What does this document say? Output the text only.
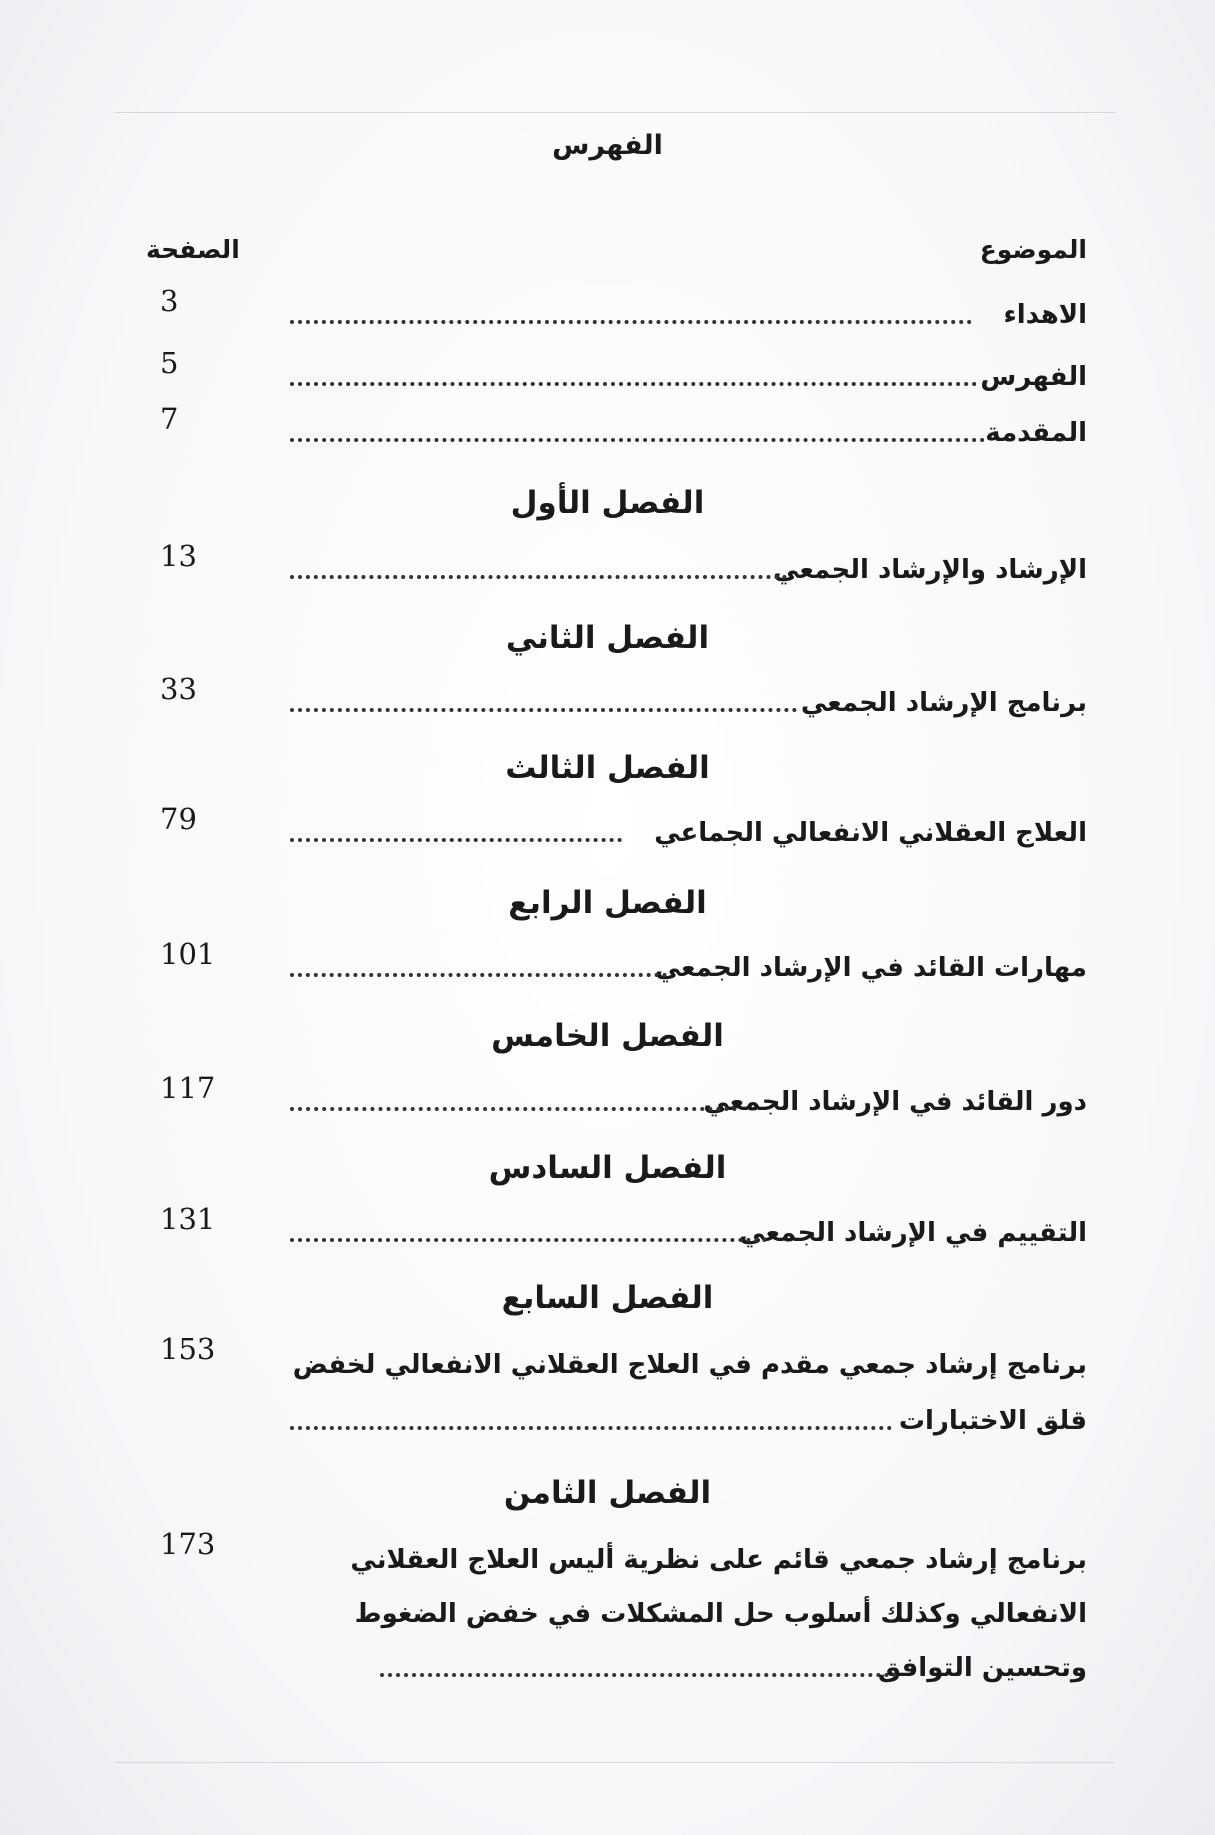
الفهرس
الموضوع
الصفحة
الاهداء
3
الفهرس
5
المقدمة
7
الفصل الأول
الإرشاد والإرشاد الجمعي
13
الفصل الثاني
برنامج الإرشاد الجمعي
33
الفصل الثالث
العلاج العقلاني الانفعالي الجماعي
79
الفصل الرابع
مهارات القائد في الإرشاد الجمعي
101
الفصل الخامس
دور القائد في الإرشاد الجمعي
117
الفصل السادس
التقييم في الإرشاد الجمعي
131
الفصل السابع
برنامج إرشاد جمعي مقدم في العلاج العقلاني الانفعالي لخفض
قلق الاختبارات
153
الفصل الثامن
برنامج إرشاد جمعي قائم على نظرية أليس العلاج العقلاني
الانفعالي وكذلك أسلوب حل المشكلات في خفض الضغوط
وتحسين التوافق
173
